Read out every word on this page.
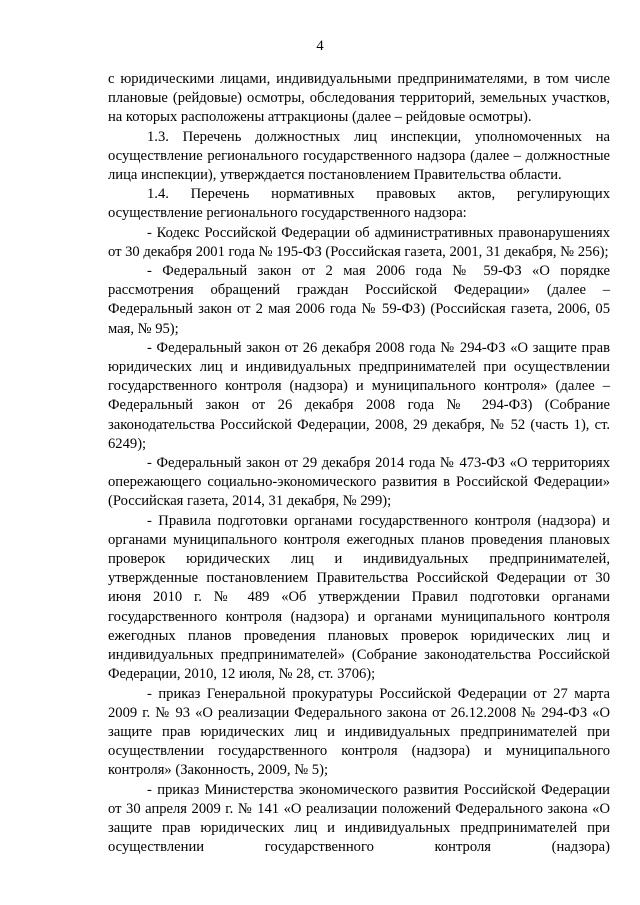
4

с юридическими лицами, индивидуальными предпринимателями, в том числе плановые (рейдовые) осмотры, обследования территорий, земельных участков, на которых расположены аттракционы (далее – рейдовые осмотры).

1.3. Перечень должностных лиц инспекции, уполномоченных на осуществление регионального государственного надзора (далее – должностные лица инспекции), утверждается постановлением Правительства области.

1.4. Перечень нормативных правовых актов, регулирующих осуществление регионального государственного надзора:

- Кодекс Российской Федерации об административных правонарушениях от 30 декабря 2001 года № 195-ФЗ (Российская газета, 2001, 31 декабря, № 256);

- Федеральный закон от 2 мая 2006 года № 59-ФЗ «О порядке рассмотрения обращений граждан Российской Федерации» (далее – Федеральный закон от 2 мая 2006 года № 59-ФЗ) (Российская газета, 2006, 05 мая, № 95);

- Федеральный закон от 26 декабря 2008 года № 294-ФЗ «О защите прав юридических лиц и индивидуальных предпринимателей при осуществлении государственного контроля (надзора) и муниципального контроля» (далее – Федеральный закон от 26 декабря 2008 года № 294-ФЗ) (Собрание законодательства Российской Федерации, 2008, 29 декабря, № 52 (часть 1), ст. 6249);

- Федеральный закон от 29 декабря 2014 года № 473-ФЗ «О территориях опережающего социально-экономического развития в Российской Федерации» (Российская газета, 2014, 31 декабря, № 299);

- Правила подготовки органами государственного контроля (надзора) и органами муниципального контроля ежегодных планов проведения плановых проверок юридических лиц и индивидуальных предпринимателей, утвержденные постановлением Правительства Российской Федерации от 30 июня 2010 г. № 489 «Об утверждении Правил подготовки органами государственного контроля (надзора) и органами муниципального контроля ежегодных планов проведения плановых проверок юридических лиц и индивидуальных предпринимателей» (Собрание законодательства Российской Федерации, 2010, 12 июля, № 28, ст. 3706);

- приказ Генеральной прокуратуры Российской Федерации от 27 марта 2009 г. № 93 «О реализации Федерального закона от 26.12.2008 № 294-ФЗ «О защите прав юридических лиц и индивидуальных предпринимателей при осуществлении государственного контроля (надзора) и муниципального контроля» (Законность, 2009, № 5);

- приказ Министерства экономического развития Российской Федерации от 30 апреля 2009 г. № 141 «О реализации положений Федерального закона «О защите прав юридических лиц и индивидуальных предпринимателей при осуществлении государственного контроля (надзора)
